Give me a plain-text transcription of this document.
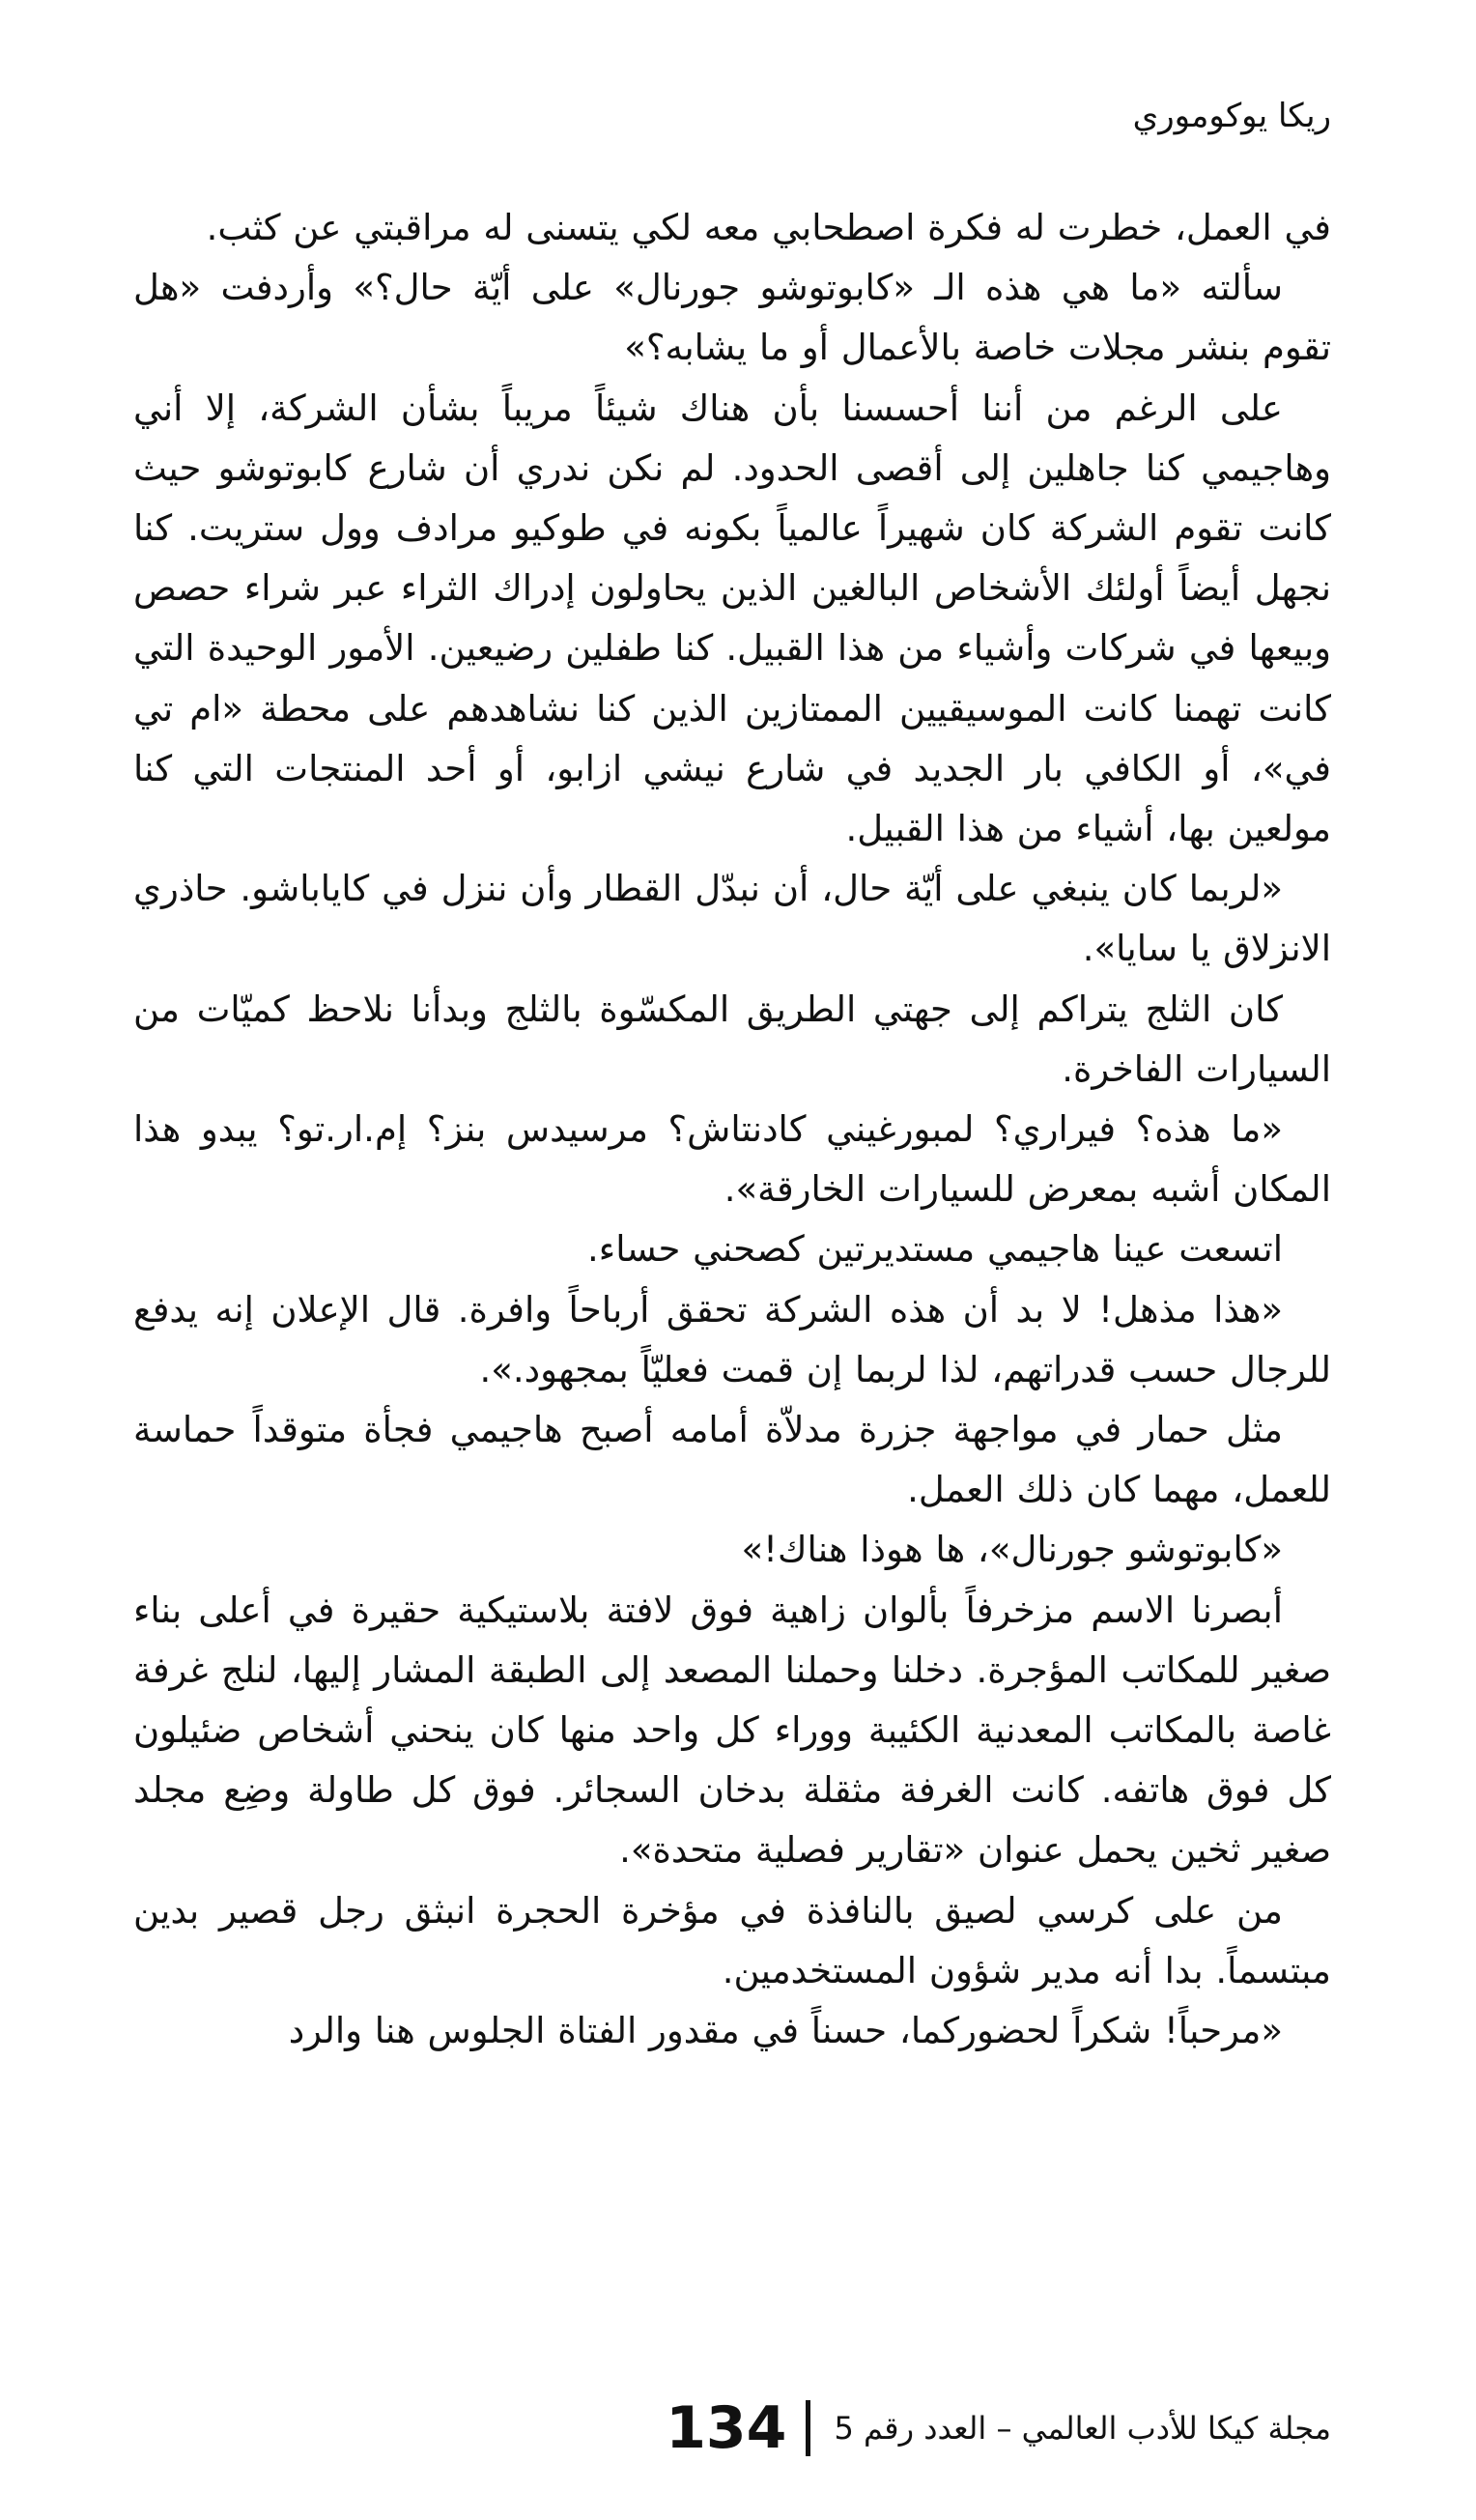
ريكا يوكوموري

في العمل، خطرت له فكرة اصطحابي معه لكي يتسنى له مراقبتي عن كثب.

سألته «ما هي هذه الـ «كابوتوشو جورنال» على أيّة حال؟» وأردفت «هل تقوم بنشر مجلات خاصة بالأعمال أو ما يشابه؟»

على الرغم من أننا أحسسنا بأن هناك شيئاً مريباً بشأن الشركة، إلا أني وهاجيمي كنا جاهلين إلى أقصى الحدود. لم نكن ندري أن شارع كابوتوشو حيث كانت تقوم الشركة كان شهيراً عالمياً بكونه في طوكيو مرادف وول ستريت. كنا نجهل أيضاً أولئك الأشخاص البالغين الذين يحاولون إدراك الثراء عبر شراء حصص وبيعها في شركات وأشياء من هذا القبيل. كنا طفلين رضيعين. الأمور الوحيدة التي كانت تهمنا كانت الموسيقيين الممتازين الذين كنا نشاهدهم على محطة «ام تي في»، أو الكافي بار الجديد في شارع نيشي ازابو، أو أحد المنتجات التي كنا مولعين بها، أشياء من هذا القبيل.

«لربما كان ينبغي على أيّة حال، أن نبدّل القطار وأن ننزل في كاياباشو. حاذري الانزلاق يا سايا».

كان الثلج يتراكم إلى جهتي الطريق المكسّوة بالثلج وبدأنا نلاحظ كميّات من السيارات الفاخرة.

«ما هذه؟ فيراري؟ لمبورغيني كادنتاش؟ مرسيدس بنز؟ إم.ار.تو؟ يبدو هذا المكان أشبه بمعرض للسيارات الخارقة».

اتسعت عينا هاجيمي مستديرتين كصحني حساء.

«هذا مذهل! لا بد أن هذه الشركة تحقق أرباحاً وافرة. قال الإعلان إنه يدفع للرجال حسب قدراتهم، لذا لربما إن قمت فعليّاً بمجهود.».

مثل حمار في مواجهة جزرة مدلاّة أمامه أصبح هاجيمي فجأة متوقداً حماسة للعمل، مهما كان ذلك العمل.

«كابوتوشو جورنال»، ها هوذا هناك!»

أبصرنا الاسم مزخرفاً بألوان زاهية فوق لافتة بلاستيكية حقيرة في أعلى بناء صغير للمكاتب المؤجرة. دخلنا وحملنا المصعد إلى الطبقة المشار إليها، لنلج غرفة غاصة بالمكاتب المعدنية الكئيبة ووراء كل واحد منها كان ينحني أشخاص ضئيلون كل فوق هاتفه. كانت الغرفة مثقلة بدخان السجائر. فوق كل طاولة وضِع مجلد صغير ثخين يحمل عنوان «تقارير فصلية متحدة».

من على كرسي لصيق بالنافذة في مؤخرة الحجرة انبثق رجل قصير بدين مبتسماً. بدا أنه مدير شؤون المستخدمين.

«مرحباً! شكراً لحضوركما، حسناً في مقدور الفتاة الجلوس هنا والرد

134 مجلة كيكا للأدب العالمي – العدد رقم 5
